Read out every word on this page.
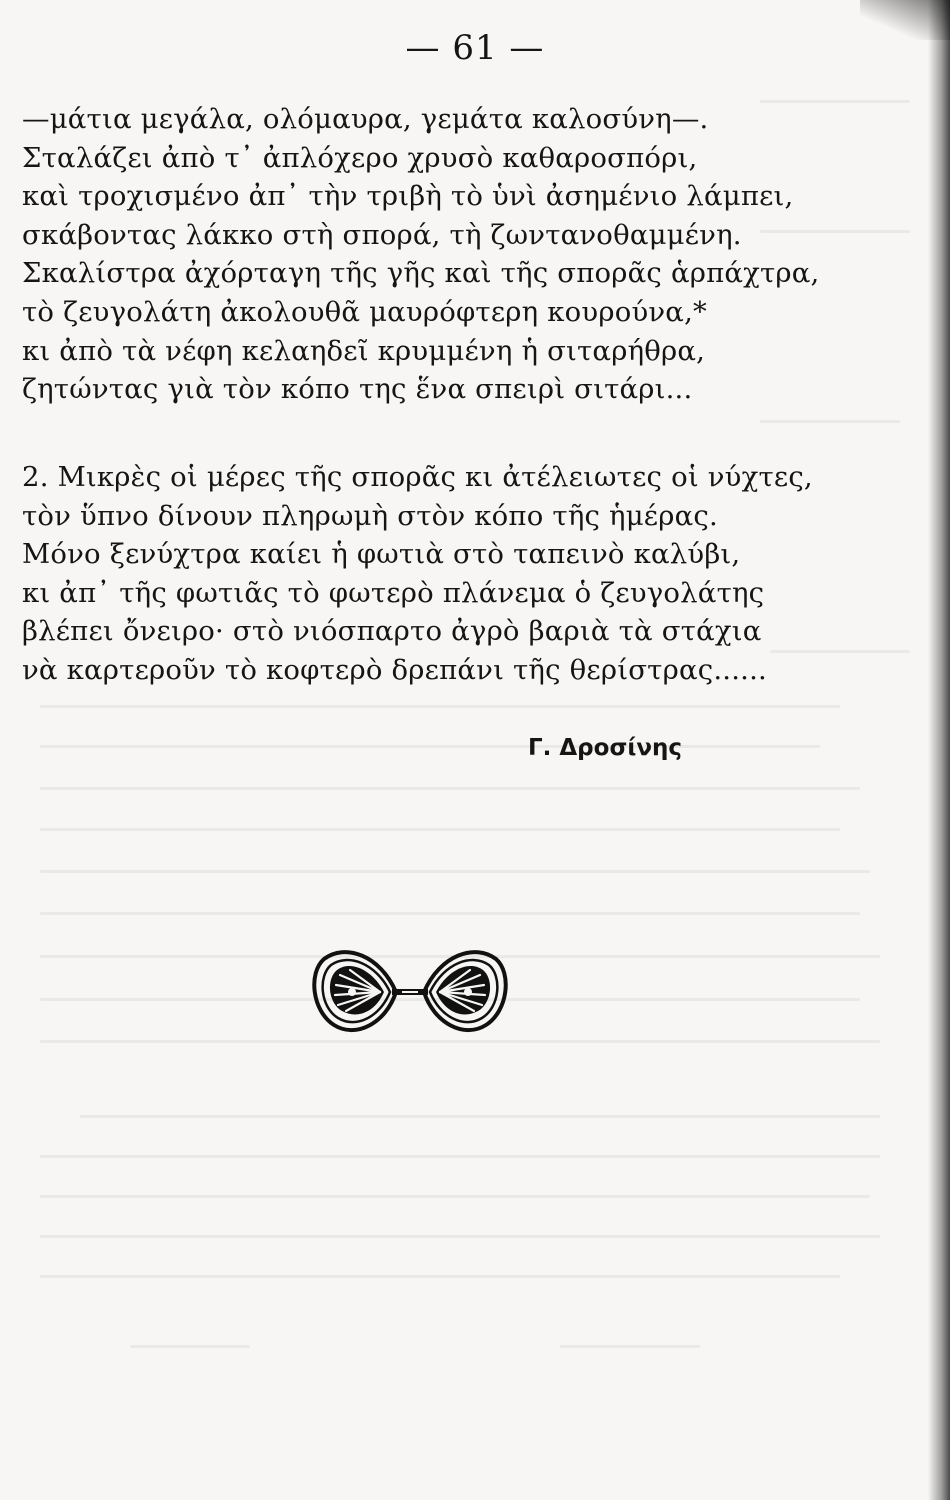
— 61 —
—μάτια μεγάλα, ολόμαυρα, γεμάτα καλοσύνη—.
Σταλάζει ἀπὸ τ᾿ ἀπλόχερο χρυσὸ καθαροσπόρι,
καὶ τροχισμένο ἀπ᾿ τὴν τριβὴ τὸ ὑνὶ ἀσημένιο λάμπει,
σκάβοντας λάκκο στὴ σπορά, τὴ ζωντανοθαμμένη.
Σκαλίστρα ἀχόρταγη τῆς γῆς καὶ τῆς σπορᾶς ἁρπάχτρα,
τὸ ζευγολάτη ἀκολουθᾶ μαυρόφτερη κουρούνα,*
κι ἀπὸ τὰ νέφη κελαηδεῖ κρυμμένη ἡ σιταρήθρα,
ζητώντας γιὰ τὸν κόπο της ἕνα σπειρὶ σιτάρι...
2. Μικρὲς οἱ μέρες τῆς σπορᾶς κι ἀτέλειωτες οἱ νύχτες,
τὸν ὕπνο δίνουν πληρωμὴ στὸν κόπο τῆς ἡμέρας.
Μόνο ξενύχτρα καίει ἡ φωτιὰ στὸ ταπεινὸ καλύβι,
κι ἀπ᾿ τῆς φωτιᾶς τὸ φωτερὸ πλάνεμα ὁ ζευγολάτης
βλέπει ὄνειρο· στὸ νιόσπαρτο ἀγρὸ βαριὰ τὰ στάχια
νὰ καρτεροῦν τὸ κοφτερὸ δρεπάνι τῆς θερίστρας......
Γ. Δροσίνης
